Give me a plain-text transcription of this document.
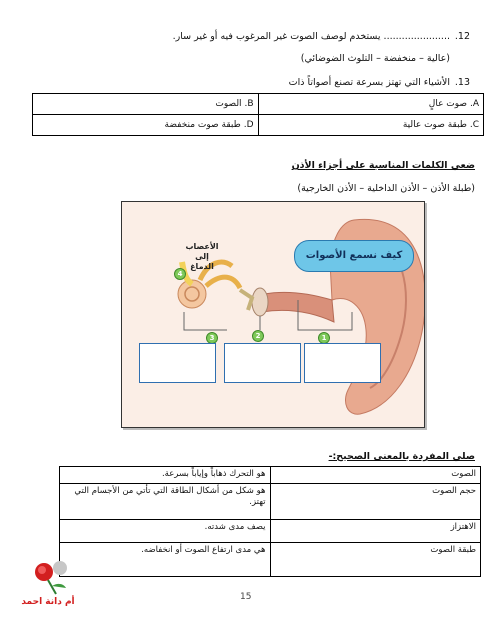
12.
...................... يستخدم لوصف الصوت غير المرغوب فيه أو غير سار.
(عالية – منخفضة – التلوث الضوضائي)
13.
الأشياء التي تهتز بسرعة تصنع أصواتاً ذات
A. صوت عالٍ	B. الصوت
C. طبقة صوت عالية	D. طبقة صوت منخفضة
ضعي الكلمات المناسبة على أجزاء الأذن
(طبلة الأذن – الأذن الداخلية – الأذن الخارجية)
الأعصاب إلى الدماغ
4
3	2	1
كيف نسمع الأصوات
صلي المفردة بالمعنى الصحيح:-
الصوت	هو التحرك ذهاباً وإياباً بسرعة.
حجم الصوت	هو شكل من أشكال الطاقة التي تأتي من الأجسام التي تهتز.
الاهتزاز	يصف مدى شدته.
طبقة الصوت	هي مدى ارتفاع الصوت أو انخفاضه.
15
أم دانة احمد
